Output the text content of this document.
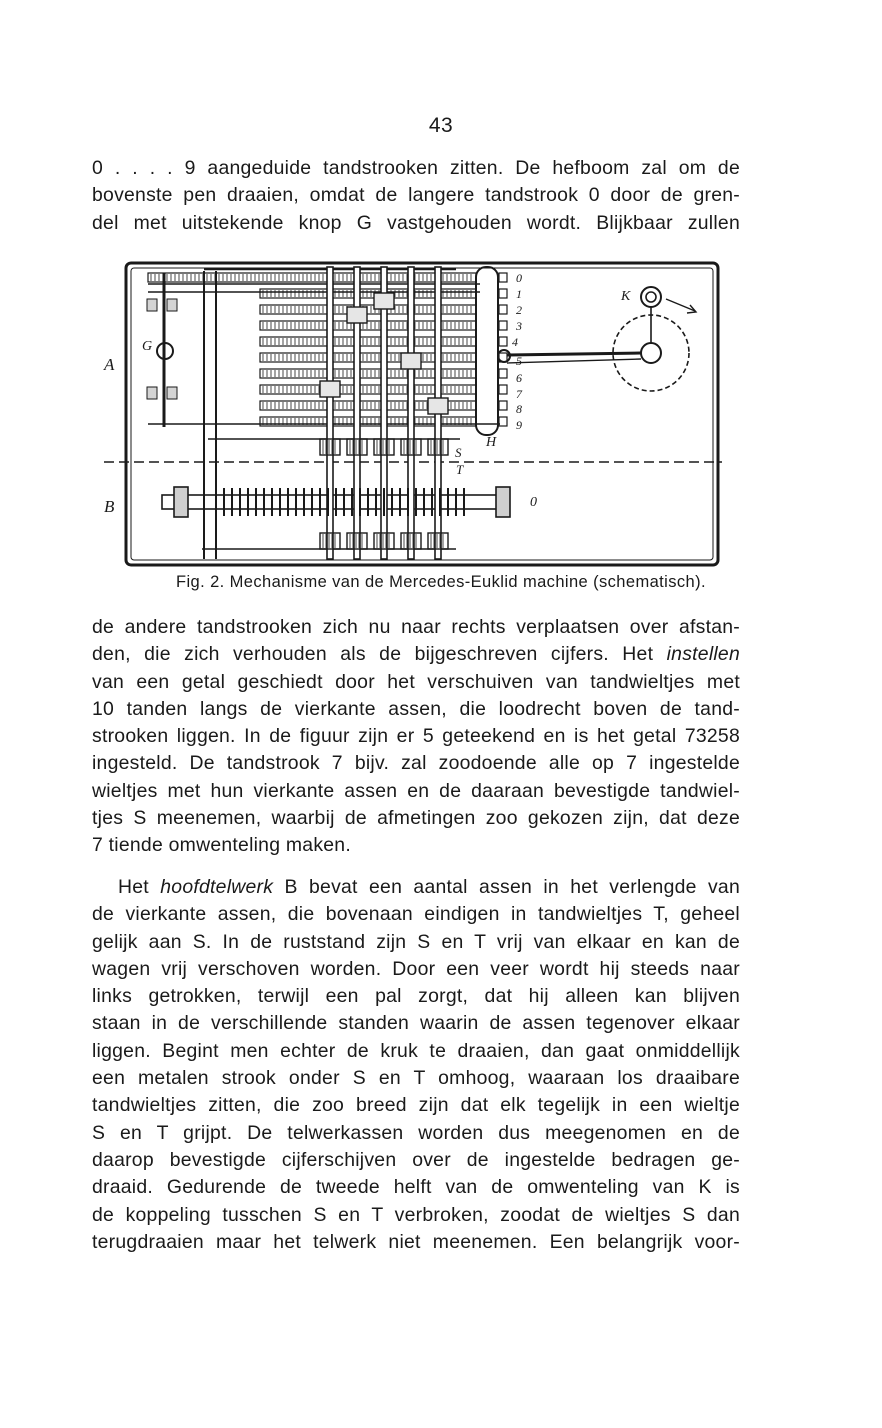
43

0 . . . . 9 aangeduide tandstrooken zitten. De hefboom zal om de

bovenste pen draaien, omdat de langere tandstrook 0 door de gren-

del met uitstekende knop G vastgehouden wordt. Blijkbaar zullen

A
B
G
H
K
S
T
0
0
1
2
3
4
5
6
7
8
9
Fig. 2. Mechanisme van de Mercedes-Euklid machine (schematisch).

de andere tandstrooken zich nu naar rechts verplaatsen over afstan-

den, die zich verhouden als de bijgeschreven cijfers. Het instellen

van een getal geschiedt door het verschuiven van tandwieltjes met

10 tanden langs de vierkante assen, die loodrecht boven de tand-

strooken liggen. In de figuur zijn er 5 geteekend en is het getal 73258

ingesteld. De tandstrook 7 bijv. zal zoodoende alle op 7 ingestelde

wieltjes met hun vierkante assen en de daaraan bevestigde tandwiel-

tjes S meenemen, waarbij de afmetingen zoo gekozen zijn, dat deze

7 tiende omwenteling maken.

Het hoofdtelwerk B bevat een aantal assen in het verlengde van

de vierkante assen, die bovenaan eindigen in tandwieltjes T, geheel

gelijk aan S. In de ruststand zijn S en T vrij van elkaar en kan de

wagen vrij verschoven worden. Door een veer wordt hij steeds naar

links getrokken, terwijl een pal zorgt, dat hij alleen kan blijven

staan in de verschillende standen waarin de assen tegenover elkaar

liggen. Begint men echter de kruk te draaien, dan gaat onmiddellijk

een metalen strook onder S en T omhoog, waaraan los draaibare

tandwieltjes zitten, die zoo breed zijn dat elk tegelijk in een wieltje

S en T grijpt. De telwerkassen worden dus meegenomen en de

daarop bevestigde cijferschijven over de ingestelde bedragen ge-

draaid. Gedurende de tweede helft van de omwenteling van K is

de koppeling tusschen S en T verbroken, zoodat de wieltjes S dan

terugdraaien maar het telwerk niet meenemen. Een belangrijk voor-
